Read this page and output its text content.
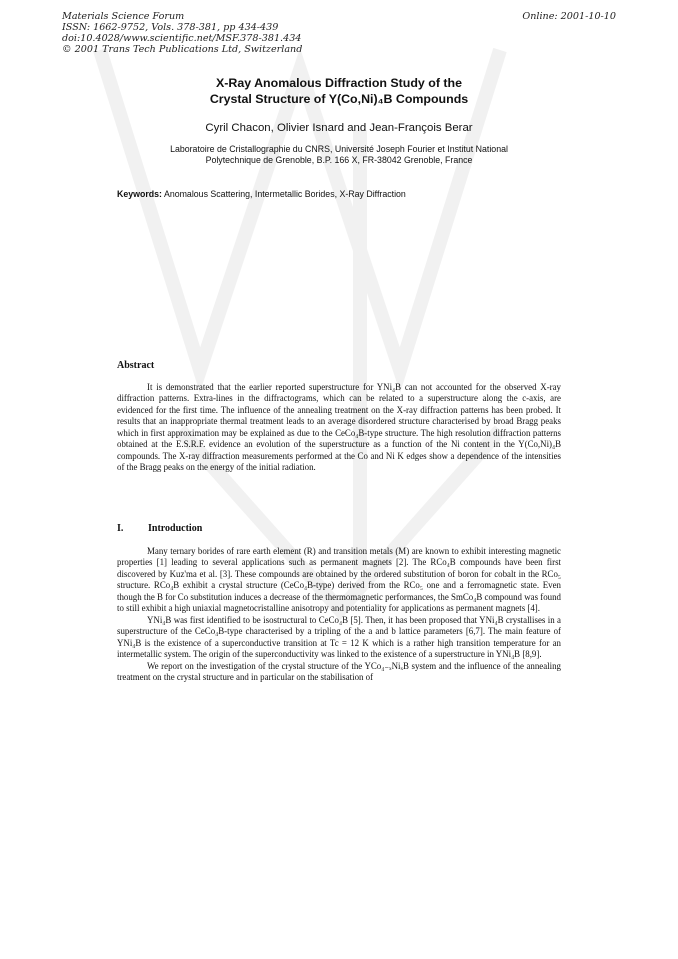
Materials Science Forum
ISSN: 1662-9752, Vols. 378-381, pp 434-439
doi:10.4028/www.scientific.net/MSF.378-381.434
© 2001 Trans Tech Publications Ltd, Switzerland
Online: 2001-10-10
X-Ray Anomalous Diffraction Study of the
Crystal Structure of Y(Co,Ni)₄B Compounds
Cyril Chacon, Olivier Isnard and Jean-François Berar
Laboratoire de Cristallographie du CNRS, Université Joseph Fourier et Institut National
Polytechnique de Grenoble, B.P. 166 X, FR-38042 Grenoble, France
Keywords: Anomalous Scattering, Intermetallic Borides, X-Ray Diffraction
Abstract

It is demonstrated that the earlier reported superstructure for YNi₄B can not accounted for the observed X-ray diffraction patterns. Extra-lines in the diffractograms, which can be related to a superstructure along the c-axis, are evidenced for the first time. The influence of the annealing treatment on the X-ray diffraction patterns has been probed. It results that an inappropriate thermal treatment leads to an average disordered structure characterised by broad Bragg peaks which in first approximation may be explained as due to the CeCo₄B-type structure. The high resolution diffraction patterns obtained at the E.S.R.F. evidence an evolution of the superstructure as a function of the Ni content in the Y(Co,Ni)₄B compounds. The X-ray diffraction measurements performed at the Co and Ni K edges show a dependence of the intensities of the Bragg peaks on the energy of the initial radiation.

I. Introduction

Many ternary borides of rare earth element (R) and transition metals (M) are known to exhibit interesting magnetic properties [1] leading to several applications such as permanent magnets [2]. The RCo₄B compounds have been first discovered by Kuz'ma et al. [3]. These compounds are obtained by the ordered substitution of boron for cobalt in the RCo₅ structure. RCo₄B exhibit a crystal structure (CeCo₄B-type) derived from the RCo₅ one and a ferromagnetic state. Even though the B for Co substitution induces a decrease of the thermomagnetic performances, the SmCo₄B compound was found to still exhibit a high uniaxial magnetocristalline anisotropy and potentiality for applications as permanent magnets [4].

YNi₄B was first identified to be isostructural to CeCo₄B [5]. Then, it has been proposed that YNi₄B crystallises in a superstructure of the CeCo₄B-type characterised by a tripling of the a and b lattice parameters [6,7]. The main feature of YNi₄B is the existence of a superconductive transition at Tc = 12 K which is a rather high transition temperature for an intermetallic system. The origin of the superconductivity was linked to the existence of a superstructure in YNi₄B [8,9].

We report on the investigation of the crystal structure of the YCo₄₋ₓNiₓB system and the influence of the annealing treatment on the crystal structure and in particular on the stabilisation of
